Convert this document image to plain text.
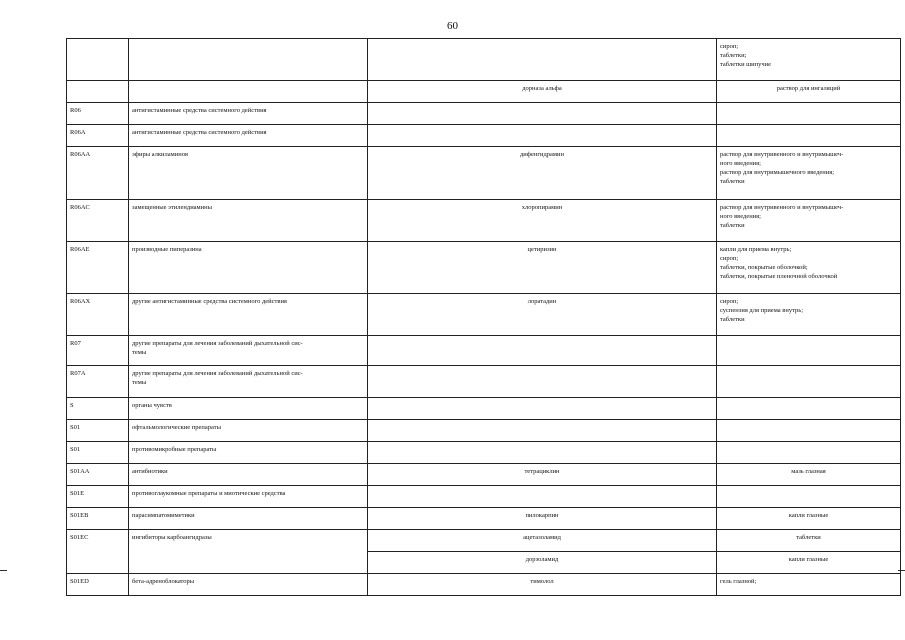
60
			сироп;
таблетки;
таблетки шипучие
		дорназа альфа	раствор для ингаляций
R06	антигистаминные средства системного действия		
R06A	антигистаминные средства системного действия		
R06AA	эфиры алкиламинов	дифенгидрамин	раствор для внутривенного и внутримышеч-
ного введения;
раствор для внутримышечного введения;
таблетки
R06AC	замещенные этилендиамины	хлоропирамин	раствор для внутривенного и внутримышеч-
ного введения;
таблетки
R06AE	производные пиперазина	цетиризин	капли для приема внутрь;
сироп;
таблетки, покрытые оболочкой;
таблетки, покрытые пленочной оболочкой
R06AX	другие антигистаминные средства системного действия	лоратадин	сироп;
суспензия для приема внутрь;
таблетки
R07	другие препараты для лечения заболеваний дыхательной сис-
темы		
R07A	другие препараты для лечения заболеваний дыхательной сис-
темы		
S	органы чувств		
S01	офтальмологические препараты		
S01	противомикробные препараты		
S01AA	антибиотики	тетрациклин	мазь глазная
S01E	противоглаукомные препараты и миотические средства		
S01EB	парасимпатомиметики	пилокарпин	капли глазные
S01EC	ингибиторы карбоангидразы	ацетазоламид	таблетки
		дорзоламид	капли глазные
S01ED	бета-адреноблокаторы	тимолол	гель глазной;
